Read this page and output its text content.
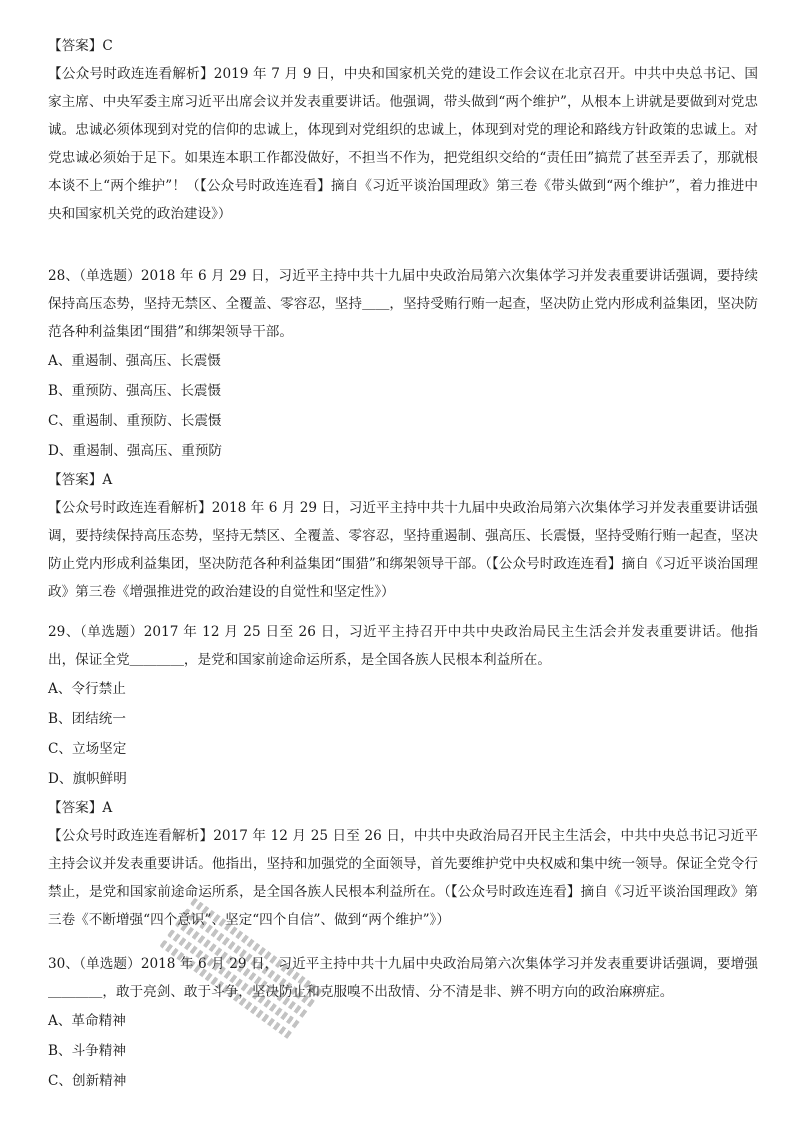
【答案】C

【公众号时政连连看解析】2019 年 7 月 9 日，中央和国家机关党的建设工作会议在北京召开。中共中央总书记、国家主席、中央军委主席习近平出席会议并发表重要讲话。他强调，带头做到“两个维护”，从根本上讲就是要做到对党忠诚。忠诚必须体现到对党的信仰的忠诚上，体现到对党组织的忠诚上，体现到对党的理论和路线方针政策的忠诚上。对党忠诚必须始于足下。如果连本职工作都没做好，不担当不作为，把党组织交给的“责任田”搞荒了甚至弄丢了，那就根本谈不上“两个维护”！（【公众号时政连连看】摘自《习近平谈治国理政》第三卷《带头做到“两个维护”，着力推进中央和国家机关党的政治建设》）

28、（单选题）2018 年 6 月 29 日，习近平主持中共十九届中央政治局第六次集体学习并发表重要讲话强调，要持续保持高压态势，坚持无禁区、全覆盖、零容忍，坚持＿＿，坚持受贿行贿一起查，坚决防止党内形成利益集团，坚决防范各种利益集团“围猎”和绑架领导干部。

A、重遏制、强高压、长震慑

B、重预防、强高压、长震慑

C、重遏制、重预防、长震慑

D、重遏制、强高压、重预防

【答案】A

【公众号时政连连看解析】2018 年 6 月 29 日，习近平主持中共十九届中央政治局第六次集体学习并发表重要讲话强调，要持续保持高压态势，坚持无禁区、全覆盖、零容忍，坚持重遏制、强高压、长震慑，坚持受贿行贿一起查，坚决防止党内形成利益集团，坚决防范各种利益集团“围猎”和绑架领导干部。（【公众号时政连连看】摘自《习近平谈治国理政》第三卷《增强推进党的政治建设的自觉性和坚定性》）

29、（单选题）2017 年 12 月 25 日至 26 日，习近平主持召开中共中央政治局民主生活会并发表重要讲话。他指出，保证全党＿＿＿＿，是党和国家前途命运所系，是全国各族人民根本利益所在。

A、令行禁止

B、团结统一

C、立场坚定

D、旗帜鲜明

【答案】A

【公众号时政连连看解析】2017 年 12 月 25 日至 26 日，中共中央政治局召开民主生活会，中共中央总书记习近平主持会议并发表重要讲话。他指出，坚持和加强党的全面领导，首先要维护党中央权威和集中统一领导。保证全党令行禁止，是党和国家前途命运所系，是全国各族人民根本利益所在。（【公众号时政连连看】摘自《习近平谈治国理政》第三卷《不断增强“四个意识”、坚定“四个自信”、做到“两个维护”》）

30、（单选题）2018 年 6 月 29 日，习近平主持中共十九届中央政治局第六次集体学习并发表重要讲话强调，要增强＿＿＿＿，敢于亮剑、敢于斗争，坚决防止和克服嗅不出敌情、分不清是非、辨不明方向的政治麻痹症。

A、革命精神

B、斗争精神

C、创新精神
